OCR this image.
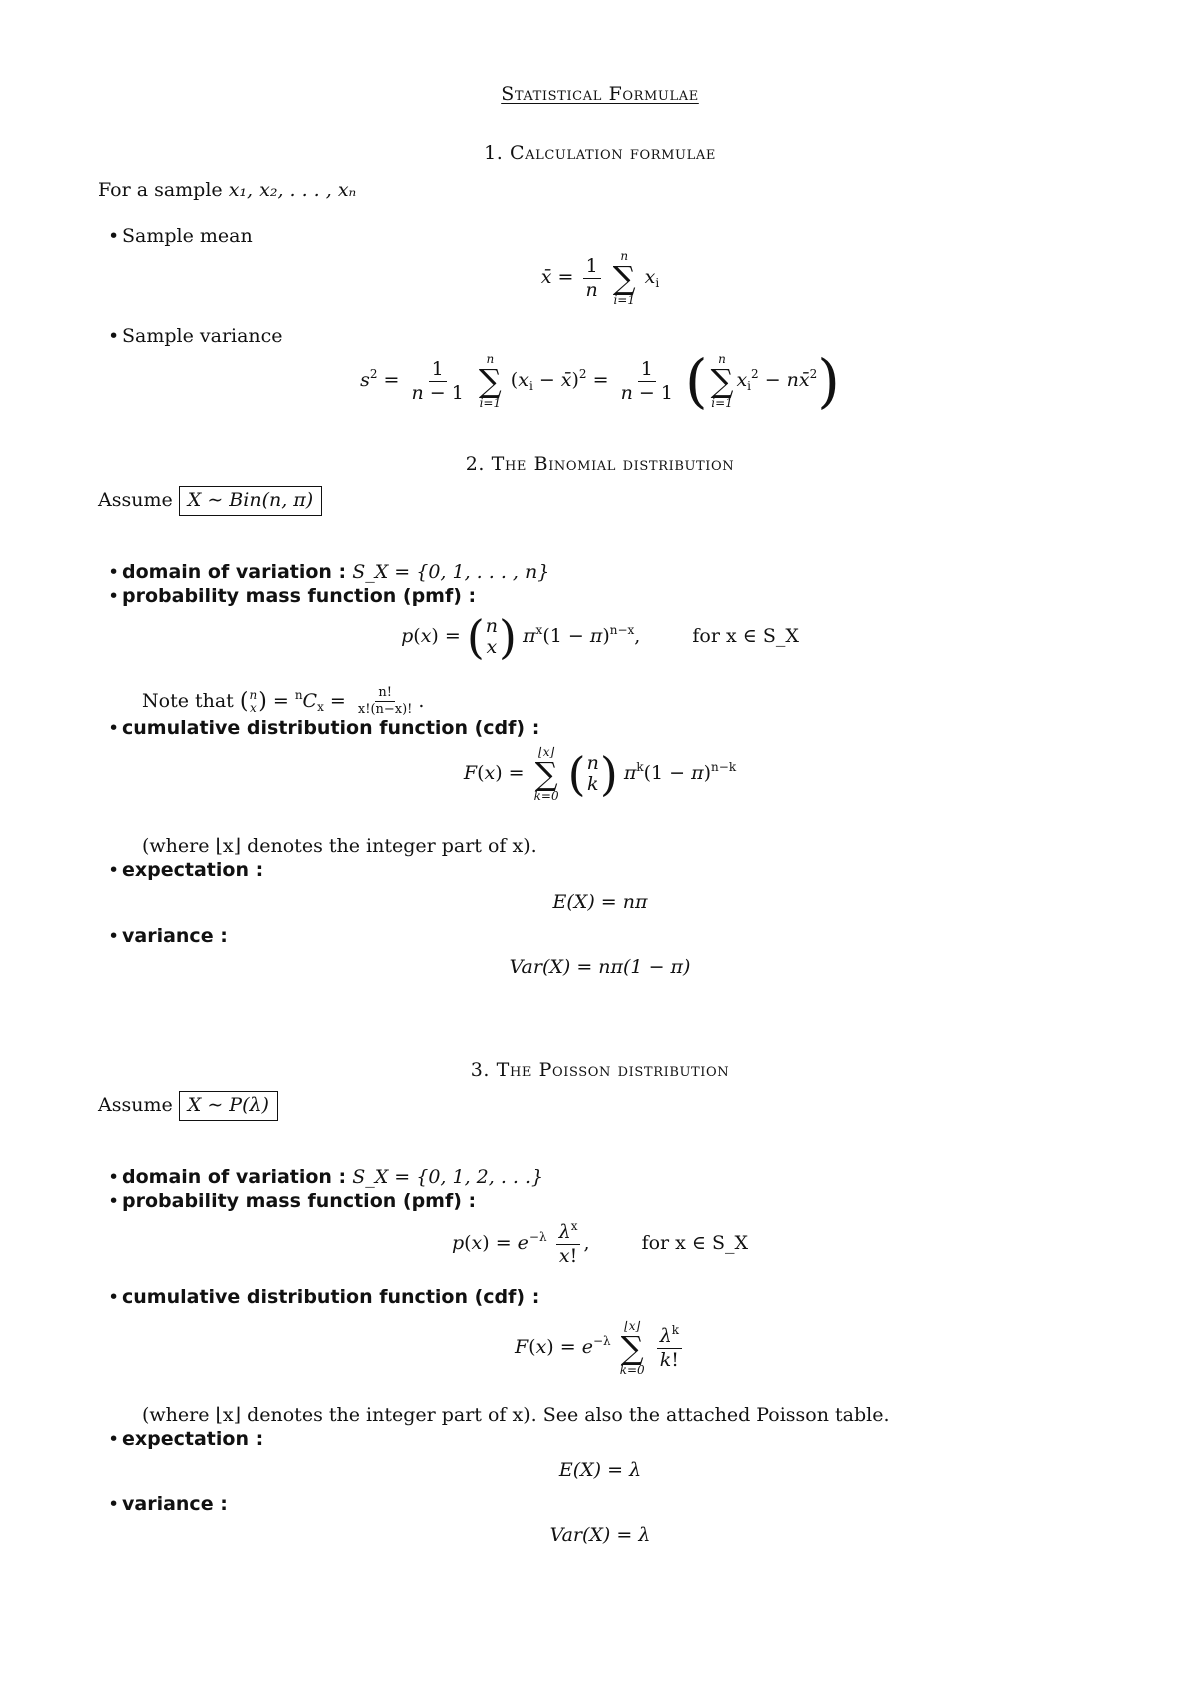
Statistical Formulae
1. Calculation formulae
For a sample x₁, x₂, . . . , xₙ
• Sample mean
x̄ = $\frac{1}{n}$
n
∑
i=1
$x_i$
• Sample variance
$s^2 = \frac{1}{n - 1}$
n
∑
i=1
($x_i$ − x̄)$^2$ = $\frac{1}{n - 1}$ ( n
∑
i=1
$x_i^2$ − nx̄$^2$)
2. The Binomial distribution
Assume X ∼ Bin(n, π)
• domain of variation : S_X = {0, 1, . . . , n}
• probability mass function (pmf) :
p(x) = ( n
x ) $\pi^x(1 - \pi)^{n-x}$,	for x ∈ S_X
Note that ( n
x ) = $^nC_x = \frac{n!}{x!(n-x)!}$ .
• cumulative distribution function (cdf) :
F(x) =
⌊x⌋
∑
k=0
( n
k ) $\pi^k(1 - \pi)^{n-k}$
(where ⌊x⌋ denotes the integer part of x).
• expectation :
E(X) = nπ
• variance :
Var(X) = nπ(1 − π)
3. The Poisson distribution
Assume X ∼ P(λ)
• domain of variation : S_X = {0, 1, 2, . . .}
• probability mass function (pmf) :
$p(x) = e^{-\lambda} \frac{\lambda^x}{x!}$ ,	for x ∈ S_X
• cumulative distribution function (cdf) :
$F(x) = e^{-\lambda}$
⌊x⌋
∑
k=0
$\frac{\lambda^k}{k!}$
(where ⌊x⌋ denotes the integer part of x). See also the attached Poisson table.
• expectation :
E(X) = λ
• variance :
Var(X) = λ
